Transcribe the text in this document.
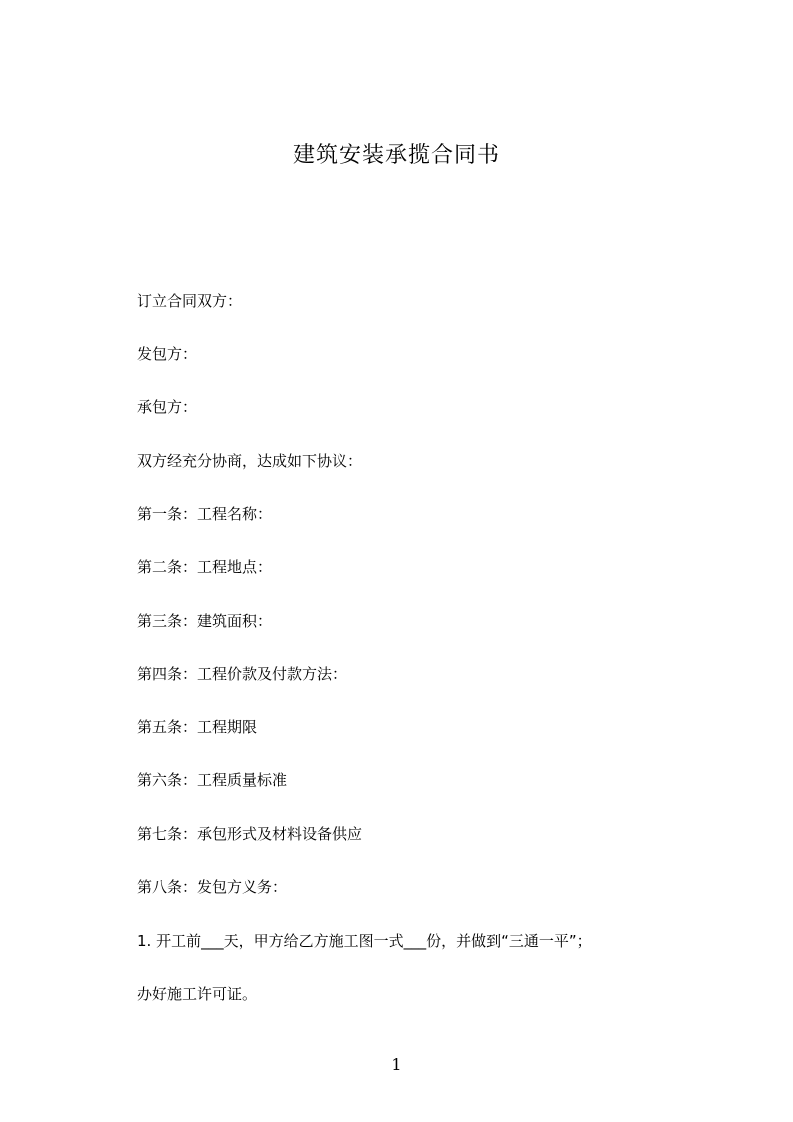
建筑安装承揽合同书

订立合同双方：

发包方：

承包方：

双方经充分协商，达成如下协议：

第一条：工程名称：

第二条：工程地点：

第三条：建筑面积：

第四条：工程价款及付款方法：

第五条：工程期限

第六条：工程质量标准

第七条：承包形式及材料设备供应

第八条：发包方义务：

1. 开工前___天，甲方给乙方施工图一式___份，并做到“三通一平”；

办好施工许可证。

1
